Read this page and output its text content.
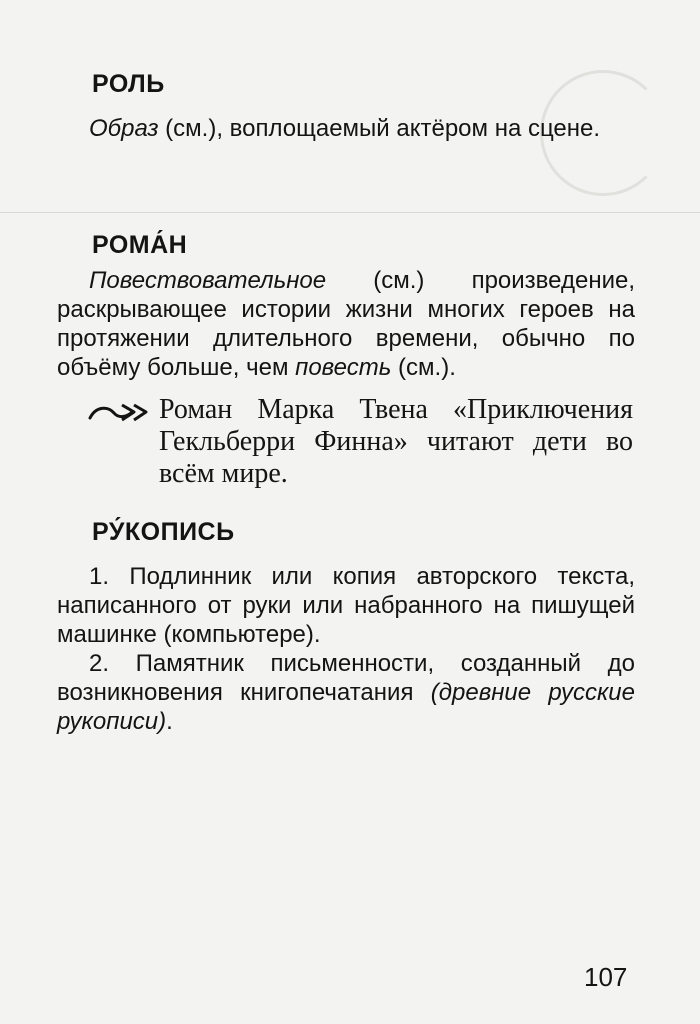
РОЛЬ

Образ (см.), воплощаемый актёром на сцене.

РОМА́Н

Повествовательное (см.) произведение, раскрывающее истории жизни многих героев на протяжении длительного времени, обычно по объёму больше, чем повесть (см.).

Роман Марка Твена «Приключения Гекльберри Финна» читают дети во всём мире.

РУ́КОПИСЬ

1. Подлинник или копия авторского текста, написанного от руки или набранного на пишущей машинке (компьютере).

2. Памятник письменности, созданный до возникновения книгопечатания (древние русские рукописи).

107
